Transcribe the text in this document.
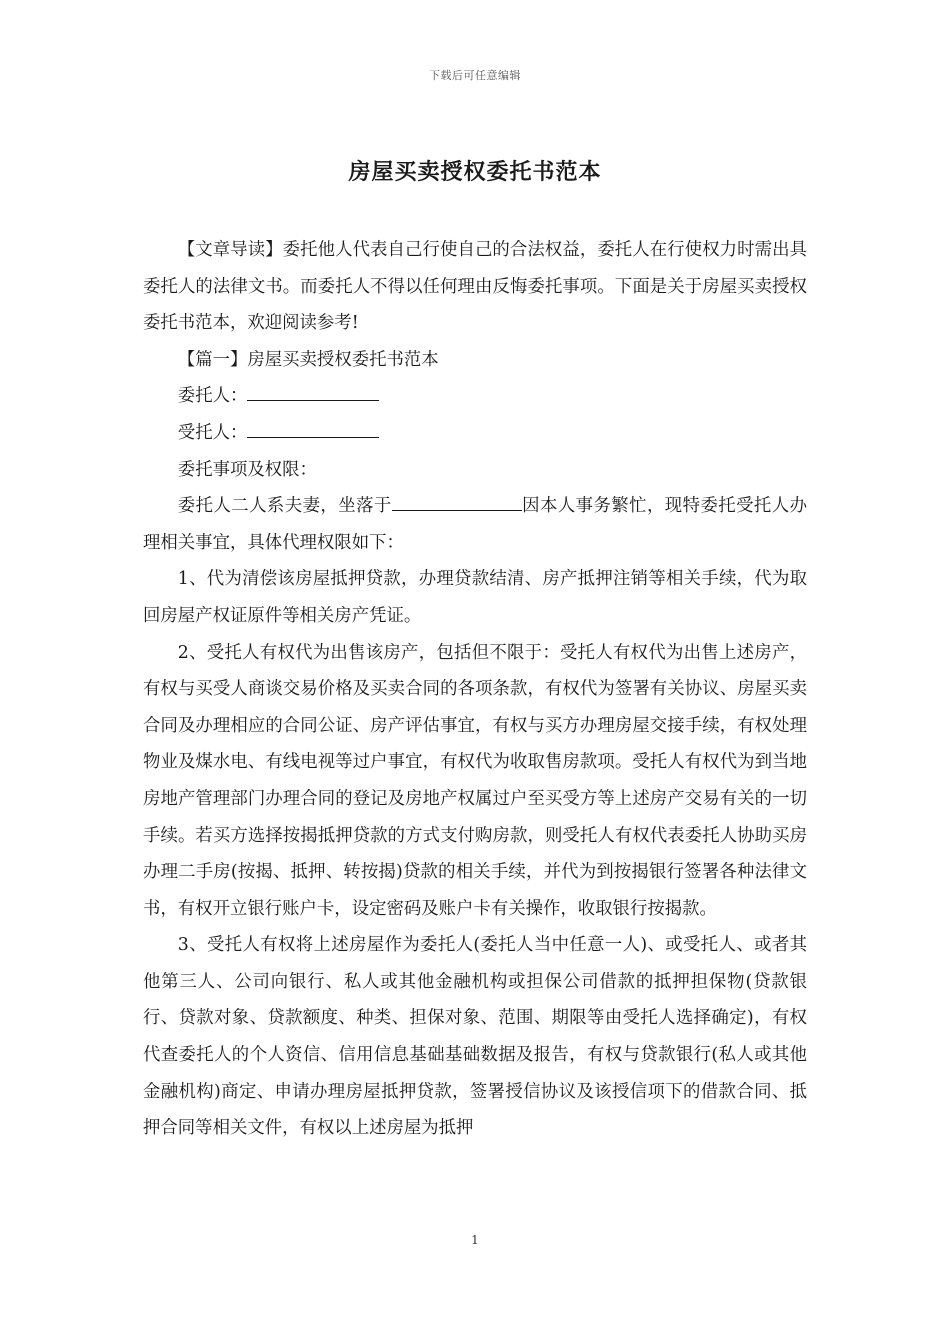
下载后可任意编辑
房屋买卖授权委托书范本

【文章导读】委托他人代表自己行使自己的合法权益，委托人在行使权力时需出具委托人的法律文书。而委托人不得以任何理由反悔委托事项。下面是关于房屋买卖授权委托书范本，欢迎阅读参考!

【篇一】房屋买卖授权委托书范本

委托人：

受托人：

委托事项及权限：

委托人二人系夫妻，坐落于	因本人事务繁忙，现特委托受托人办理相关事宜，具体代理权限如下：

1、代为清偿该房屋抵押贷款，办理贷款结清、房产抵押注销等相关手续，代为取回房屋产权证原件等相关房产凭证。

2、受托人有权代为出售该房产，包括但不限于：受托人有权代为出售上述房产，有权与买受人商谈交易价格及买卖合同的各项条款，有权代为签署有关协议、房屋买卖合同及办理相应的合同公证、房产评估事宜，有权与买方办理房屋交接手续，有权处理物业及煤水电、有线电视等过户事宜，有权代为收取售房款项。受托人有权代为到当地房地产管理部门办理合同的登记及房地产权属过户至买受方等上述房产交易有关的一切手续。若买方选择按揭抵押贷款的方式支付购房款，则受托人有权代表委托人协助买房办理二手房(按揭、抵押、转按揭)贷款的相关手续，并代为到按揭银行签署各种法律文书，有权开立银行账户卡，设定密码及账户卡有关操作，收取银行按揭款。

3、受托人有权将上述房屋作为委托人(委托人当中任意一人)、或受托人、或者其他第三人、公司向银行、私人或其他金融机构或担保公司借款的抵押担保物(贷款银行、贷款对象、贷款额度、种类、担保对象、范围、期限等由受托人选择确定)，有权代查委托人的个人资信、信用信息基础基础数据及报告，有权与贷款银行(私人或其他金融机构)商定、申请办理房屋抵押贷款，签署授信协议及该授信项下的借款合同、抵押合同等相关文件，有权以上述房屋为抵押

1
